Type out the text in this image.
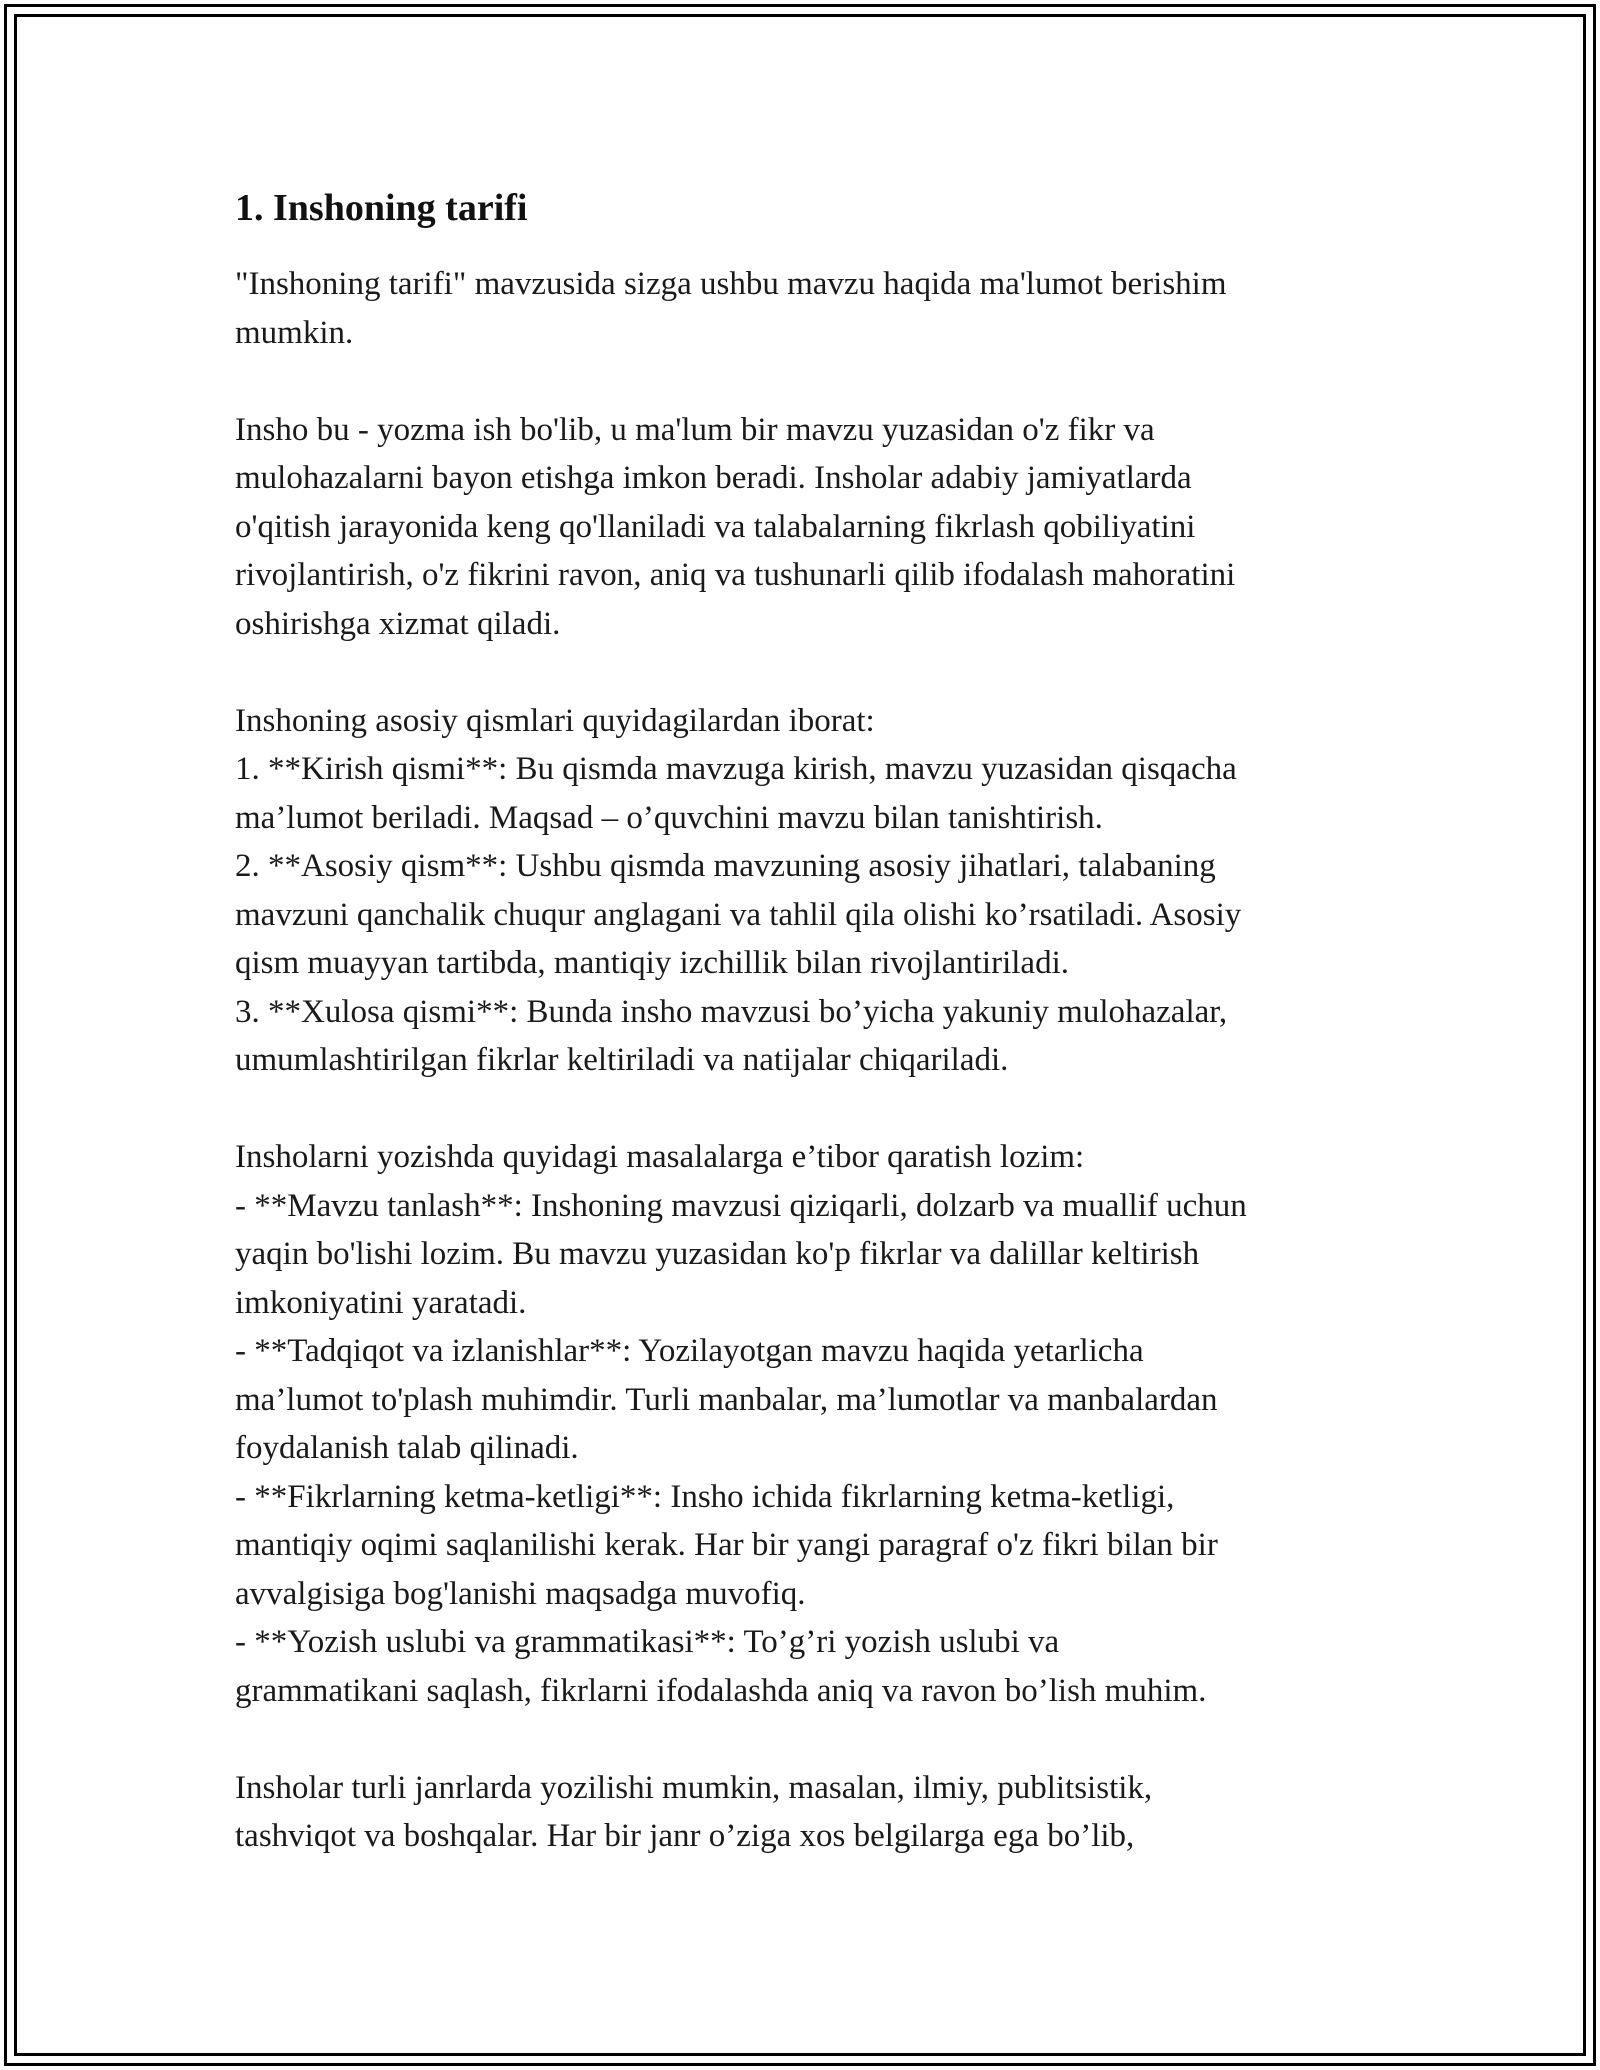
1. Inshoning tarifi

"Inshoning tarifi" mavzusida sizga ushbu mavzu haqida ma'lumot berishim
mumkin.

Insho bu - yozma ish bo'lib, u ma'lum bir mavzu yuzasidan o'z fikr va
mulohazalarni bayon etishga imkon beradi. Insholar adabiy jamiyatlarda
o'qitish jarayonida keng qo'llaniladi va talabalarning fikrlash qobiliyatini
rivojlantirish, o'z fikrini ravon, aniq va tushunarli qilib ifodalash mahoratini
oshirishga xizmat qiladi.

Inshoning asosiy qismlari quyidagilardan iborat:
1. **Kirish qismi**: Bu qismda mavzuga kirish, mavzu yuzasidan qisqacha
ma’lumot beriladi. Maqsad – o’quvchini mavzu bilan tanishtirish.
2. **Asosiy qism**: Ushbu qismda mavzuning asosiy jihatlari, talabaning
mavzuni qanchalik chuqur anglagani va tahlil qila olishi ko’rsatiladi. Asosiy
qism muayyan tartibda, mantiqiy izchillik bilan rivojlantiriladi.
3. **Xulosa qismi**: Bunda insho mavzusi bo’yicha yakuniy mulohazalar,
umumlashtirilgan fikrlar keltiriladi va natijalar chiqariladi.

Insholarni yozishda quyidagi masalalarga e’tibor qaratish lozim:
- **Mavzu tanlash**: Inshoning mavzusi qiziqarli, dolzarb va muallif uchun
yaqin bo'lishi lozim. Bu mavzu yuzasidan ko'p fikrlar va dalillar keltirish
imkoniyatini yaratadi.
- **Tadqiqot va izlanishlar**: Yozilayotgan mavzu haqida yetarlicha
ma’lumot to'plash muhimdir. Turli manbalar, ma’lumotlar va manbalardan
foydalanish talab qilinadi.
- **Fikrlarning ketma-ketligi**: Insho ichida fikrlarning ketma-ketligi,
mantiqiy oqimi saqlanilishi kerak. Har bir yangi paragraf o'z fikri bilan bir
avvalgisiga bog'lanishi maqsadga muvofiq.
- **Yozish uslubi va grammatikasi**: To’g’ri yozish uslubi va
grammatikani saqlash, fikrlarni ifodalashda aniq va ravon bo’lish muhim.

Insholar turli janrlarda yozilishi mumkin, masalan, ilmiy, publitsistik,
tashviqot va boshqalar. Har bir janr o’ziga xos belgilarga ega bo’lib,
